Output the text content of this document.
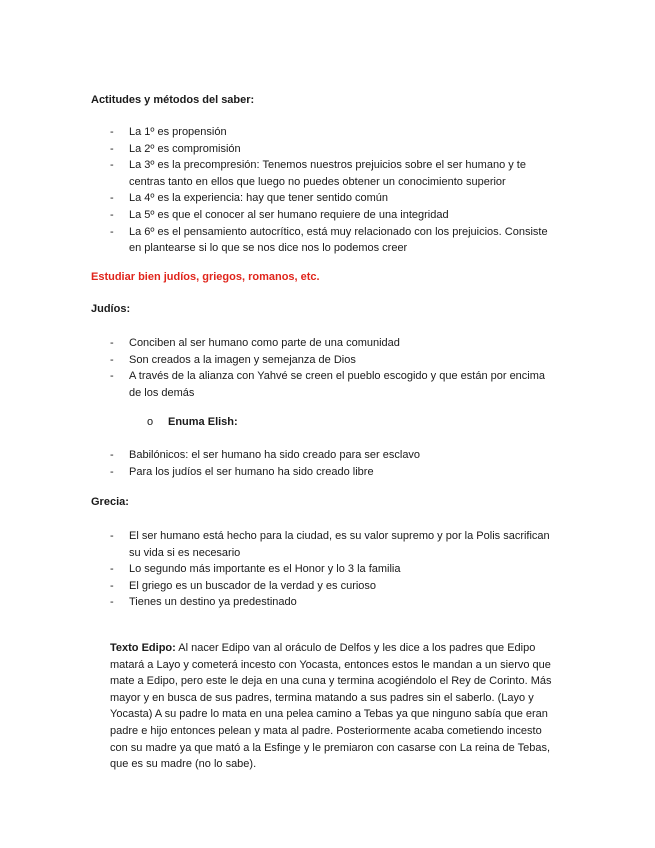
Actitudes y métodos del saber:
- La 1º es propensión
- La 2º es compromisión
- La 3º es la precompresión: Tenemos nuestros prejuicios sobre el ser humano y te centras tanto en ellos que luego no puedes obtener un conocimiento superior
- La 4º es la experiencia: hay que tener sentido común
- La 5º es que el conocer al ser humano requiere de una integridad
- La 6º es el pensamiento autocrítico, está muy relacionado con los prejuicios. Consiste en plantearse si lo que se nos dice nos lo podemos creer
Estudiar bien judíos, griegos, romanos, etc.
Judíos:
- Conciben al ser humano como parte de una comunidad
- Son creados a la imagen y semejanza de Dios
- A través de la alianza con Yahvé se creen el pueblo escogido y que están por encima de los demás
o Enuma Elish:
- Babilónicos: el ser humano ha sido creado para ser esclavo
- Para los judíos el ser humano ha sido creado libre
Grecia:
- El ser humano está hecho para la ciudad, es su valor supremo y por la Polis sacrifican su vida si es necesario
- Lo segundo más importante es el Honor y lo 3 la familia
- El griego es un buscador de la verdad y es curioso
- Tienes un destino ya predestinado
Texto Edipo: Al nacer Edipo van al oráculo de Delfos y les dice a los padres que Edipo matará a Layo y cometerá incesto con Yocasta, entonces estos le mandan a un siervo que mate a Edipo, pero este le deja en una cuna y termina acogiéndolo el Rey de Corinto. Más mayor y en busca de sus padres, termina matando a sus padres sin el saberlo. (Layo y Yocasta) A su padre lo mata en una pelea camino a Tebas ya que ninguno sabía que eran padre e hijo entonces pelean y mata al padre. Posteriormente acaba cometiendo incesto con su madre ya que mató a la Esfinge y le premiaron con casarse con La reina de Tebas, que es su madre (no lo sabe).
